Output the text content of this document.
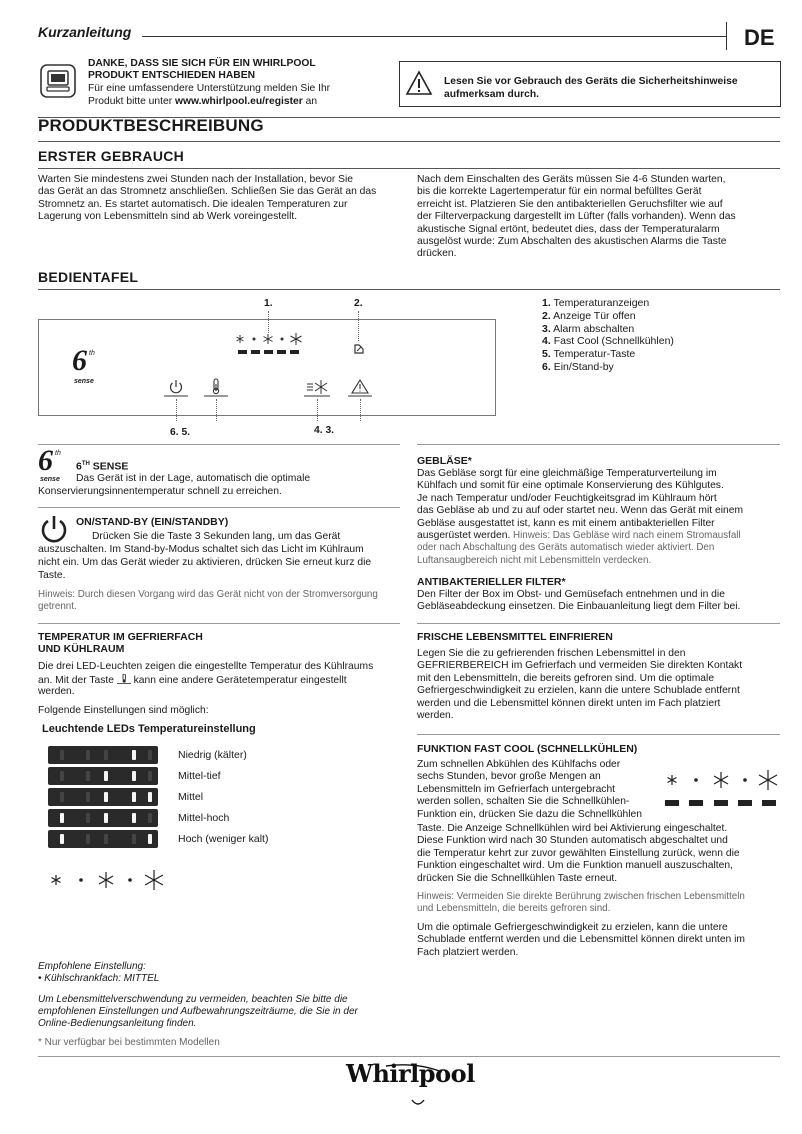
Kurzanleitung	DE
DANKE, DASS SIE SICH FÜR EIN WHIRLPOOL
PRODUKT ENTSCHIEDEN HABEN
Für eine umfassendere Unterstützung melden Sie Ihr
Produkt bitte unter www.whirlpool.eu/register an
Lesen Sie vor Gebrauch des Geräts die Sicherheitshinweise
aufmerksam durch.
PRODUKTBESCHREIBUNG
ERSTER GEBRAUCH
Warten Sie mindestens zwei Stunden nach der Installation, bevor Sie
das Gerät an das Stromnetz anschließen. Schließen Sie das Gerät an das
Stromnetz an. Es startet automatisch. Die idealen Temperaturen zur
Lagerung von Lebensmitteln sind ab Werk voreingestellt.
Nach dem Einschalten des Geräts müssen Sie 4-6 Stunden warten,
bis die korrekte Lagertemperatur für ein normal befülltes Gerät
erreicht ist. Platzieren Sie den antibakteriellen Geruchsfilter wie auf
der Filterverpackung dargestellt im Lüfter (falls vorhanden). Wenn das
akustische Signal ertönt, bedeutet dies, dass der Temperaturalarm
ausgelöst wurde: Zum Abschalten des akustischen Alarms die Taste
drücken.
BEDIENTAFEL
1.	2.
6 th
sense
6. 5.	4. 3.
1. Temperaturanzeigen
2. Anzeige Tür offen
3. Alarm abschalten
4. Fast Cool (Schnellkühlen)
5. Temperatur-Taste
6. Ein/Stand-by
6 th
sense
6TH SENSE
Das Gerät ist in der Lage, automatisch die optimale
Konservierungsinnentemperatur schnell zu erreichen.
ON/STAND-BY (EIN/STANDBY)
Drücken Sie die Taste 3 Sekunden lang, um das Gerät
auszuschalten. Im Stand-by-Modus schaltet sich das Licht im Kühlraum
nicht ein. Um das Gerät wieder zu aktivieren, drücken Sie erneut kurz die
Taste.
Hinweis: Durch diesen Vorgang wird das Gerät nicht von der Stromversorgung
getrennt.
TEMPERATUR IM GEFRIERFACH
UND KÜHLRAUM
Die drei LED-Leuchten zeigen die eingestellte Temperatur des Kühlraums
an. Mit der Taste  kann eine andere Gerätetemperatur eingestellt
werden.
Folgende Einstellungen sind möglich:
Leuchtende LEDs Temperatureinstellung
Niedrig (kälter)
Mittel-tief
Mittel
Mittel-hoch
Hoch (weniger kalt)
Empfohlene Einstellung:
• Kühlschrankfach: MITTEL
Um Lebensmittelverschwendung zu vermeiden, beachten Sie bitte die
empfohlenen Einstellungen und Aufbewahrungszeiträume, die Sie in der
Online-Bedienungsanleitung finden.
* Nur verfügbar bei bestimmten Modellen
GEBLÄSE*
Das Gebläse sorgt für eine gleichmäßige Temperaturverteilung im
Kühlfach und somit für eine optimale Konservierung des Kühlgutes.
Je nach Temperatur und/oder Feuchtigkeitsgrad im Kühlraum hört
das Gebläse ab und zu auf oder startet neu. Wenn das Gerät mit einem
Gebläse ausgestattet ist, kann es mit einem antibakteriellen Filter
ausgerüstet werden. Hinweis: Das Gebläse wird nach einem Stromausfall
oder nach Abschaltung des Geräts automatisch wieder aktiviert. Den
Luftansaugbereich nicht mit Lebensmitteln verdecken.
ANTIBAKTERIELLER FILTER*
Den Filter der Box im Obst- und Gemüsefach entnehmen und in die
Gebläseabdeckung einsetzen. Die Einbauanleitung liegt dem Filter bei.
FRISCHE LEBENSMITTEL EINFRIEREN
Legen Sie die zu gefrierenden frischen Lebensmittel in den
GEFRIERBEREICH im Gefrierfach und vermeiden Sie direkten Kontakt
mit den Lebensmitteln, die bereits gefroren sind. Um die optimale
Gefriergeschwindigkeit zu erzielen, kann die untere Schublade entfernt
werden und die Lebensmittel können direkt unten im Fach platziert
werden.
FUNKTION FAST COOL (SCHNELLKÜHLEN)
Zum schnellen Abkühlen des Kühlfachs oder
sechs Stunden, bevor große Mengen an
Lebensmitteln im Gefrierfach untergebracht
werden sollen, schalten Sie die Schnellkühlen-
Funktion ein, drücken Sie dazu die Schnellkühlen
Taste. Die Anzeige Schnellkühlen wird bei Aktivierung eingeschaltet.
Diese Funktion wird nach 30 Stunden automatisch abgeschaltet und
die Temperatur kehrt zur zuvor gewählten Einstellung zurück, wenn die
Funktion eingeschaltet wird. Um die Funktion manuell auszuschalten,
drücken Sie die Schnellkühlen Taste erneut.
Hinweis: Vermeiden Sie direkte Berührung zwischen frischen Lebensmitteln
und Lebensmitteln, die bereits gefroren sind.
Um die optimale Gefriergeschwindigkeit zu erzielen, kann die untere
Schublade entfernt werden und die Lebensmittel können direkt unten im
Fach platziert werden.
Whirlpool
